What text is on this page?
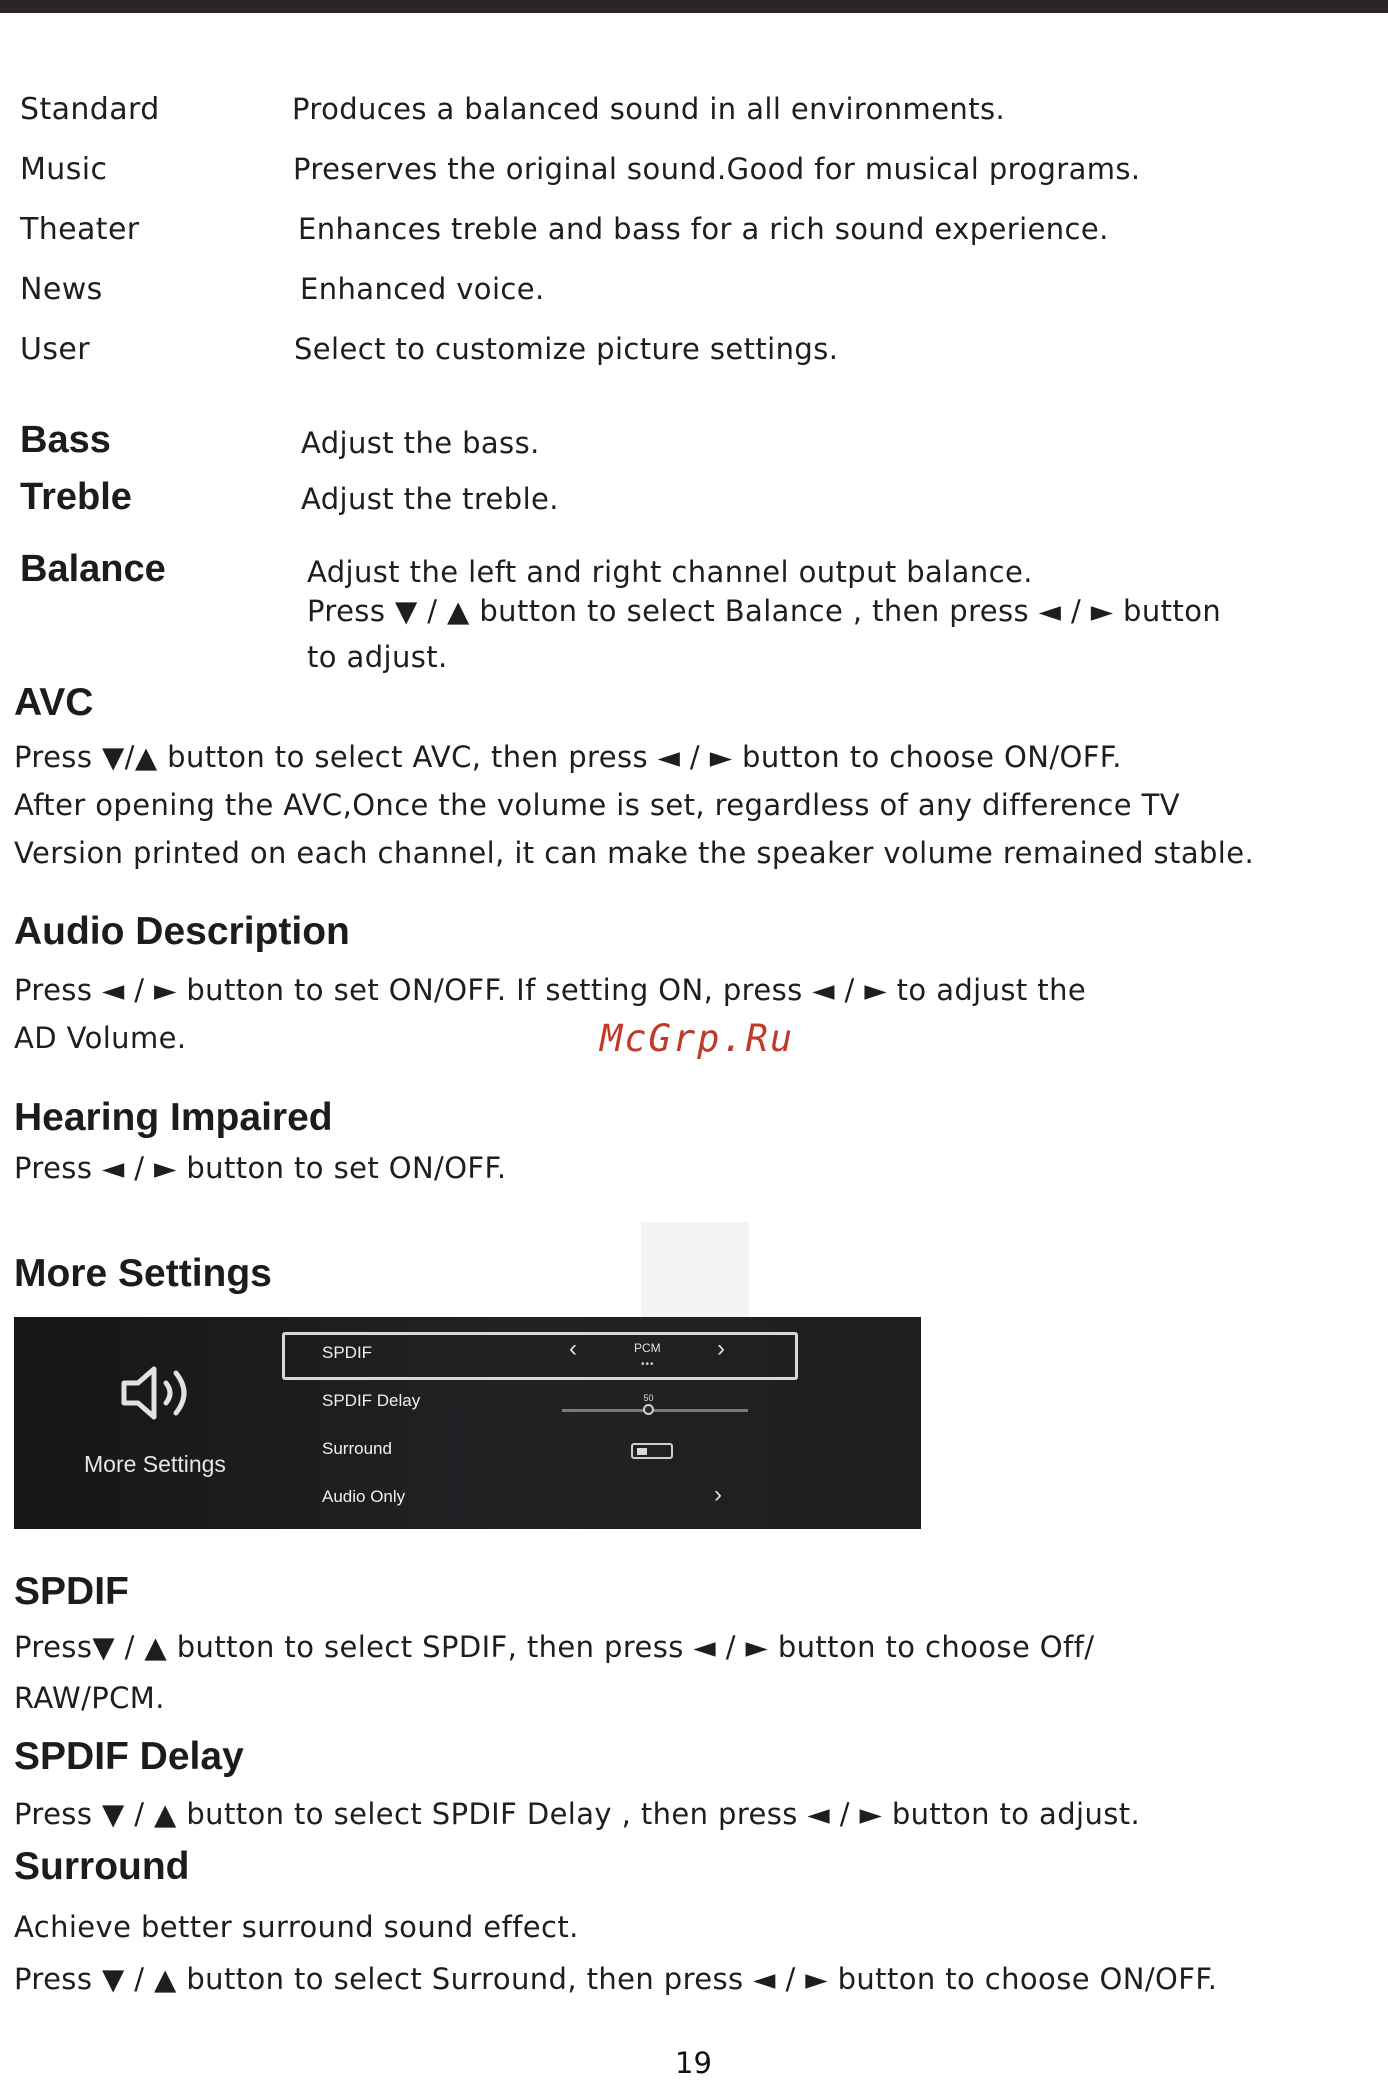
Standard	Produces a balanced sound in all environments.
Music	Preserves the original sound.Good for musical programs.
Theater	Enhances treble and bass for a rich sound experience.
News	Enhanced voice.
User	Select to customize picture settings.
Bass	Adjust the bass.
Treble	Adjust the treble.
Balance	Adjust the left and right channel output balance.
Press ▼ / ▲ button to select Balance , then press ◄ / ► button
to adjust.
AVC
Press ▼/▲ button to select AVC, then press ◄ / ► button to choose ON/OFF.
After opening the AVC,Once the volume is set, regardless of any difference TV
Version printed on each channel, it can make the speaker volume remained stable.
Audio Description
Press ◄ / ► button to set ON/OFF. If setting ON, press ◄ / ► to adjust the
AD Volume.	McGrp.Ru
Hearing Impaired
Press ◄ / ► button to set ON/OFF.
More Settings
More Settings
SPDIF	‹	PCM
•••
›
SPDIF Delay	50
Surround
Audio Only	›
SPDIF
Press▼ / ▲ button to select SPDIF, then press ◄ / ► button to choose Off/
RAW/PCM.
SPDIF Delay
Press ▼ / ▲ button to select SPDIF Delay , then press ◄ / ► button to adjust.
Surround
Achieve better surround sound effect.
Press ▼ / ▲ button to select Surround, then press ◄ / ► button to choose ON/OFF.
19
